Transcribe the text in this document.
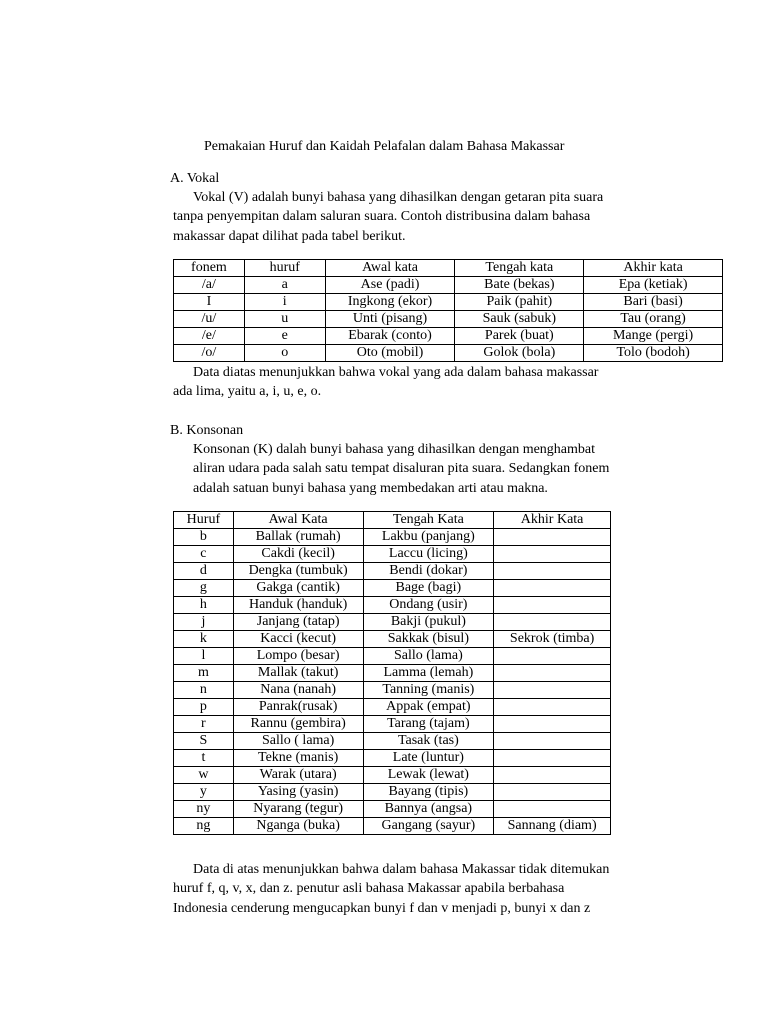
Pemakaian Huruf dan Kaidah Pelafalan dalam Bahasa Makassar
A. Vokal
Vokal (V) adalah bunyi bahasa yang dihasilkan dengan getaran pita suara
tanpa penyempitan dalam saluran suara. Contoh distribusina dalam bahasa
makassar dapat dilihat pada tabel berikut.
fonem	huruf	Awal kata	Tengah kata	Akhir kata
/a/	a	Ase (padi)	Bate (bekas)	Epa (ketiak)
I	i	Ingkong (ekor)	Paik (pahit)	Bari (basi)
/u/	u	Unti (pisang)	Sauk (sabuk)	Tau (orang)
/e/	e	Ebarak (conto)	Parek (buat)	Mange (pergi)
/o/	o	Oto (mobil)	Golok (bola)	Tolo (bodoh)
Data diatas menunjukkan bahwa vokal yang ada dalam bahasa makassar
ada lima, yaitu a, i, u, e, o.
B. Konsonan
Konsonan (K) dalah bunyi bahasa yang dihasilkan dengan menghambat
aliran udara pada salah satu tempat disaluran pita suara. Sedangkan fonem
adalah satuan bunyi bahasa yang membedakan arti atau makna.
Huruf	Awal Kata	Tengah Kata	Akhir Kata
b	Ballak (rumah)	Lakbu (panjang)	
c	Cakdi (kecil)	Laccu (licing)	
d	Dengka (tumbuk)	Bendi (dokar)	
g	Gakga (cantik)	Bage (bagi)	
h	Handuk (handuk)	Ondang (usir)	
j	Janjang (tatap)	Bakji (pukul)	
k	Kacci (kecut)	Sakkak (bisul)	Sekrok (timba)
l	Lompo (besar)	Sallo (lama)	
m	Mallak (takut)	Lamma (lemah)	
n	Nana (nanah)	Tanning (manis)	
p	Panrak(rusak)	Appak (empat)	
r	Rannu (gembira)	Tarang (tajam)	
S	Sallo ( lama)	Tasak (tas)	
t	Tekne (manis)	Late (luntur)	
w	Warak (utara)	Lewak (lewat)	
y	Yasing (yasin)	Bayang (tipis)	
ny	Nyarang (tegur)	Bannya (angsa)	
ng	Nganga (buka)	Gangang (sayur)	Sannang (diam)
Data di atas menunjukkan bahwa dalam bahasa Makassar tidak ditemukan
huruf f, q, v, x, dan z. penutur asli bahasa Makassar apabila berbahasa
Indonesia cenderung mengucapkan bunyi f dan v menjadi p, bunyi x dan z
